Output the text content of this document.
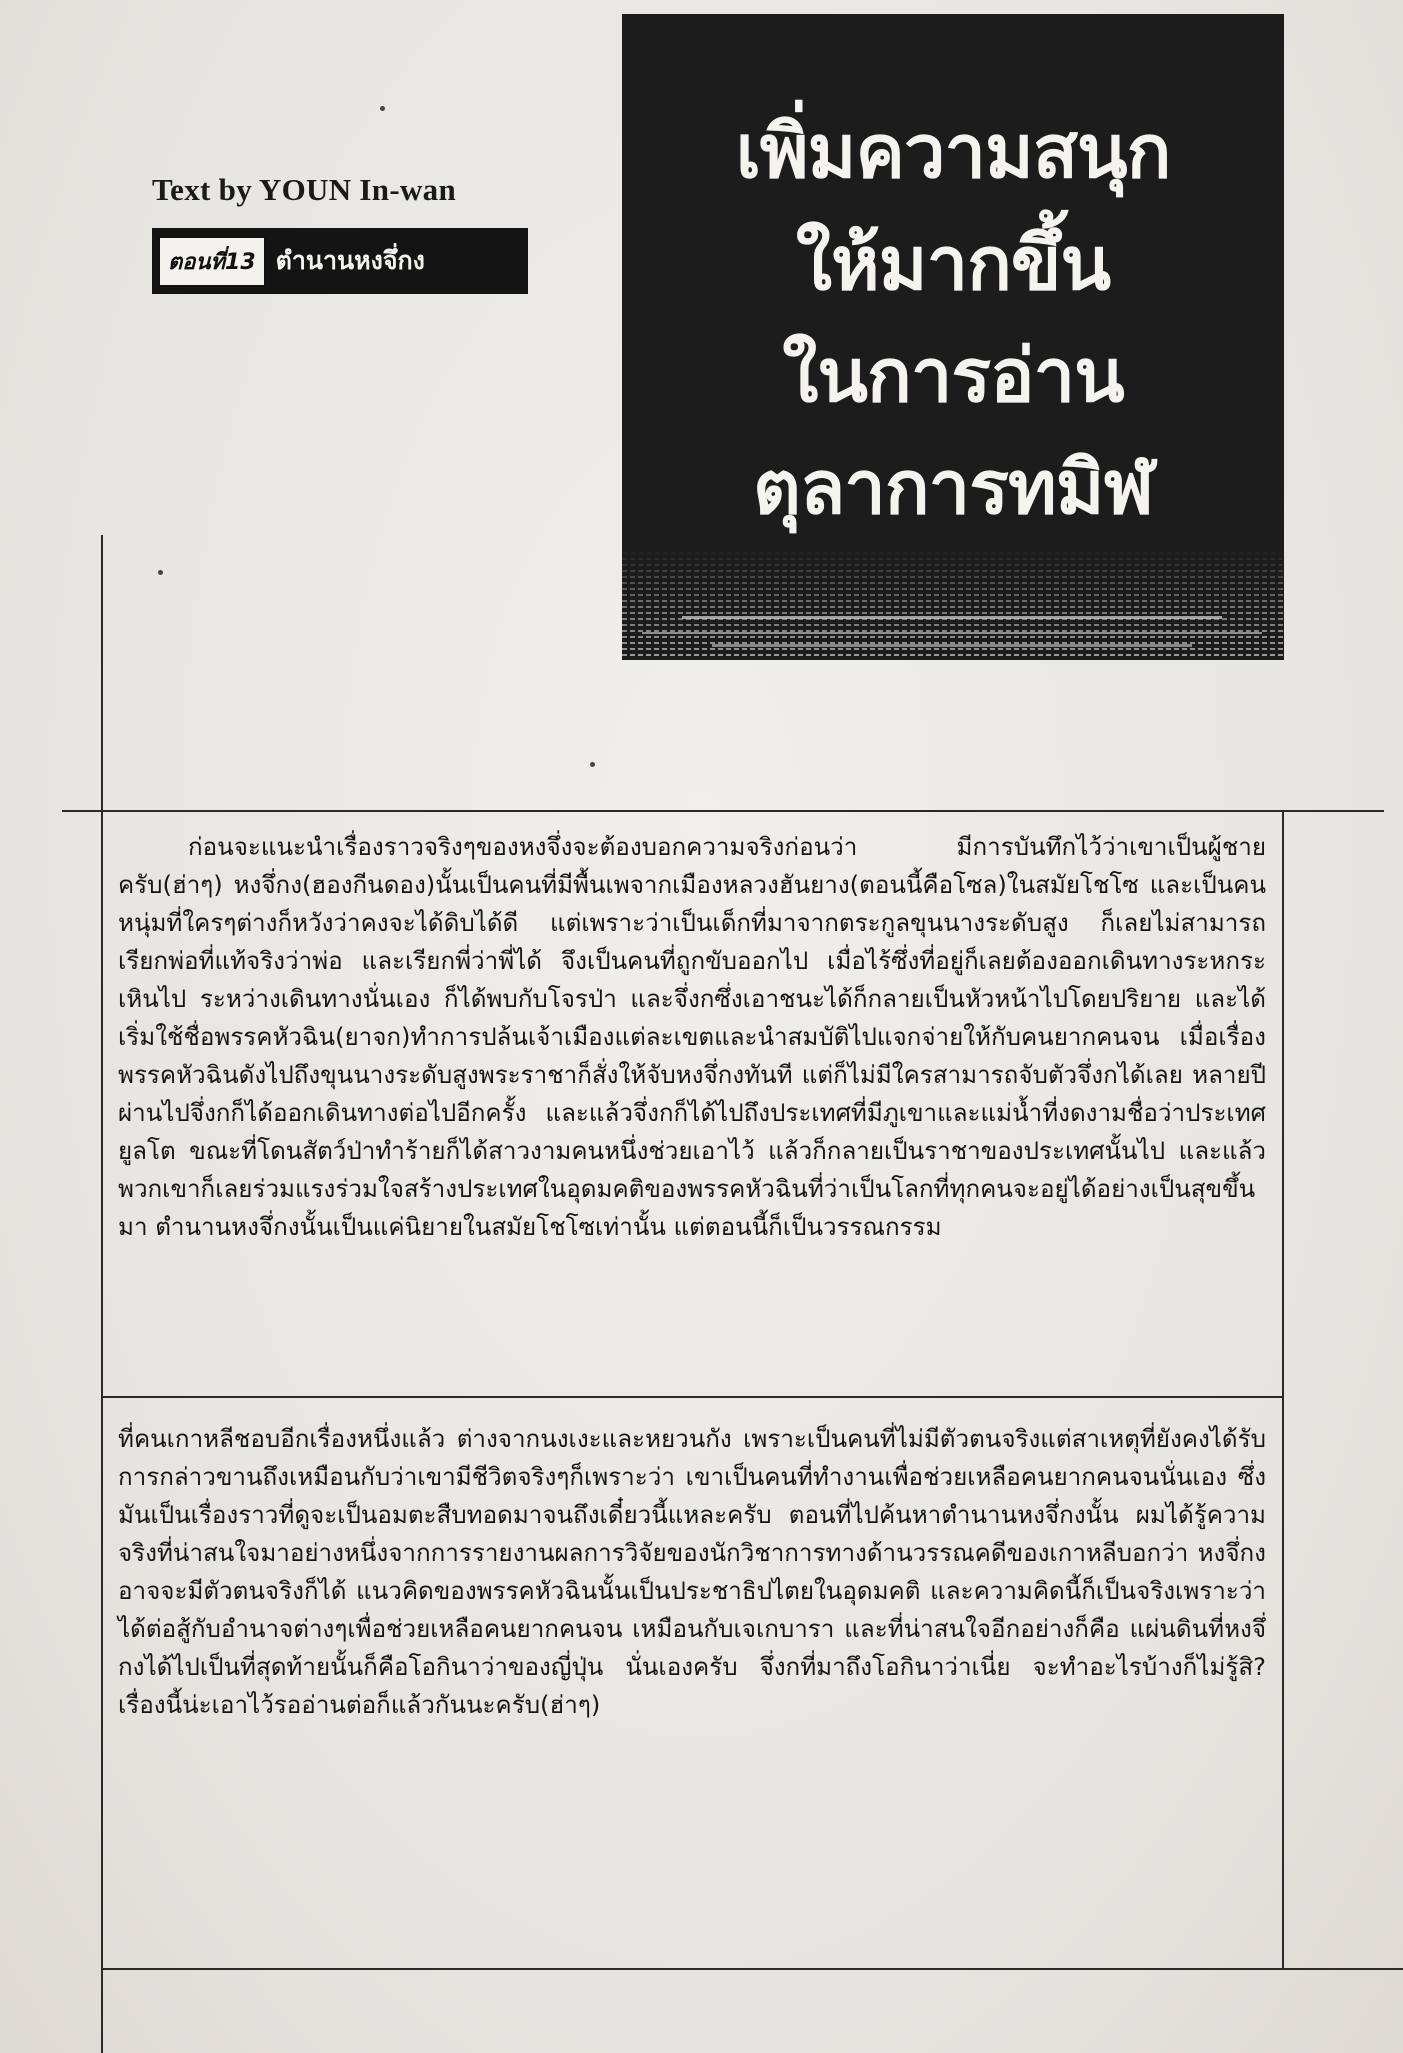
Text by YOUN In-wan
ตอนที่13 ตำนานหงจึ่กง
เพิ่มความสนุก
ให้มากขึ้น
ในการอ่าน
ตุลาการทมิฬ
ก่อนจะแนะนำเรื่องราวจริงๆของหงจึ่งจะต้องบอกความจริงก่อนว่า มีการบันทึกไว้ว่าเขาเป็นผู้ชายครับ(ฮ่าๆ) หงจึ่กง(ฮองกีนดอง)นั้นเป็นคนที่มีพื้นเพจากเมืองหลวงฮันยาง(ตอนนี้คือโซล)ในสมัยโชโซ และเป็นคนหนุ่มที่ใครๆต่างก็หวังว่าคงจะได้ดิบได้ดี แต่เพราะว่าเป็นเด็กที่มาจากตระกูลขุนนางระดับสูง ก็เลยไม่สามารถเรียกพ่อที่แท้จริงว่าพ่อ และเรียกพี่ว่าพี่ได้ จึงเป็นคนที่ถูกขับออกไป เมื่อไร้ซึ่งที่อยู่ก็เลยต้องออกเดินทางระหกระเหินไป ระหว่างเดินทางนั่นเอง ก็ได้พบกับโจรป่า และจึ่งกซึ่งเอาชนะได้ก็กลายเป็นหัวหน้าไปโดยปริยาย และได้เริ่มใช้ชื่อพรรคหัวฉิน(ยาจก)ทำการปล้นเจ้าเมืองแต่ละเขตและนำสมบัติไปแจกจ่ายให้กับคนยากคนจน เมื่อเรื่องพรรคหัวฉินดังไปถึงขุนนางระดับสูงพระราชาก็สั่งให้จับหงจึ่กงทันที แต่ก็ไม่มีใครสามารถจับตัวจึ่งกได้เลย หลายปีผ่านไปจึ่งกก็ได้ออกเดินทางต่อไปอีกครั้ง และแล้วจึ่งกก็ได้ไปถึงประเทศที่มีภูเขาและแม่น้ำที่งดงามชื่อว่าประเทศยูลโต ขณะที่โดนสัตว์ป่าทำร้ายก็ได้สาวงามคนหนึ่งช่วยเอาไว้ แล้วก็กลายเป็นราชาของประเทศนั้นไป และแล้วพวกเขาก็เลยร่วมแรงร่วมใจสร้างประเทศในอุดมคติของพรรคหัวฉินที่ว่าเป็นโลกที่ทุกคนจะอยู่ได้อย่างเป็นสุขขึ้นมา ตำนานหงจึ่กงนั้นเป็นแค่นิยายในสมัยโชโซเท่านั้น แต่ตอนนี้ก็เป็นวรรณกรรม
ที่คนเกาหลีชอบอีกเรื่องหนึ่งแล้ว ต่างจากนงเงะและหยวนกัง เพราะเป็นคนที่ไม่มีตัวตนจริงแต่สาเหตุที่ยังคงได้รับการกล่าวขานถึงเหมือนกับว่าเขามีชีวิตจริงๆก็เพราะว่า เขาเป็นคนที่ทำงานเพื่อช่วยเหลือคนยากคนจนนั่นเอง ซึ่งมันเป็นเรื่องราวที่ดูจะเป็นอมตะสืบทอดมาจนถึงเดี๋ยวนี้แหละครับ ตอนที่ไปค้นหาตำนานหงจึ่กงนั้น ผมได้รู้ความจริงที่น่าสนใจมาอย่างหนึ่งจากการรายงานผลการวิจัยของนักวิชาการทางด้านวรรณคดีของเกาหลีบอกว่า หงจึ่กงอาจจะมีตัวตนจริงก็ได้ แนวคิดของพรรคหัวฉินนั้นเป็นประชาธิปไตยในอุดมคติ และความคิดนี้ก็เป็นจริงเพราะว่าได้ต่อสู้กับอำนาจต่างๆเพื่อช่วยเหลือคนยากคนจน เหมือนกับเจเกบารา และที่น่าสนใจอีกอย่างก็คือ แผ่นดินที่หงจึ่กงได้ไปเป็นที่สุดท้ายนั้นก็คือโอกินาว่าของญี่ปุ่น นั่นเองครับ จึ่งกที่มาถึงโอกินาว่าเนี่ย จะทำอะไรบ้างก็ไม่รู้สิ? เรื่องนี้น่ะเอาไว้รออ่านต่อก็แล้วกันนะครับ(ฮ่าๆ)
